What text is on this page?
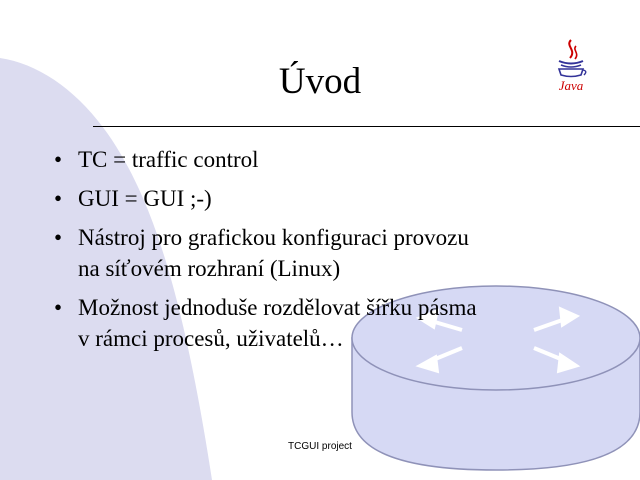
Úvod	Java
• TC = traffic control
• GUI = GUI ;-)
• Nástroj pro grafickou konfiguraci provozu
na síťovém rozhraní (Linux)
• Možnost jednoduše rozdělovat šířku pásma
v rámci procesů, uživatelů…
TCGUI project
